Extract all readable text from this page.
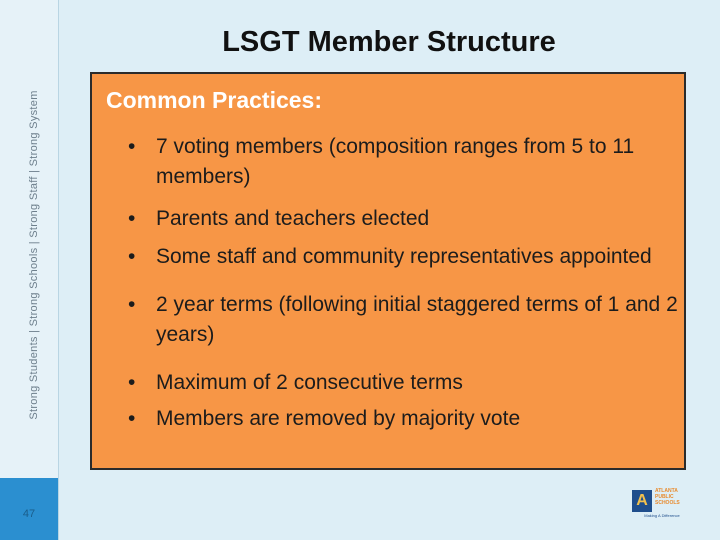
Strong Students | Strong Schools | Strong Staff | Strong System
47
LSGT Member Structure
Common Practices:
• 7 voting members (composition ranges from 5 to 11 members)
• Parents and teachers elected
• Some staff and community representatives appointed
• 2 year terms (following initial staggered terms of 1 and 2 years)
• Maximum of 2 consecutive terms
• Members are removed by majority vote
A
ATLANTA
PUBLIC
SCHOOLS
Making A Difference
